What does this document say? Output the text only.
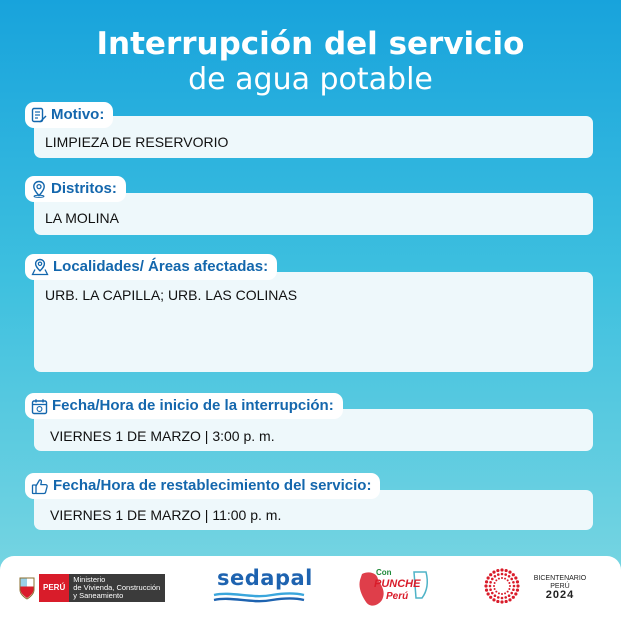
Interrupción del servicio
de agua potable
LIMPIEZA DE RESERVORIO
Motivo:
LA MOLINA
Distritos:
URB. LA CAPILLA; URB. LAS COLINAS
Localidades/ Áreas afectadas:
VIERNES 1 DE MARZO | 3:00 p. m.
Fecha/Hora de inicio de la interrupción:
VIERNES 1 DE MARZO | 11:00 p. m.
Fecha/Hora de restablecimiento del servicio:
PERÚ
Ministerio
de Vivienda, Construcción
y Saneamiento
sedapal	Con
PUNCHE
Perú
BICENTENARIO
PERÚ
2024
